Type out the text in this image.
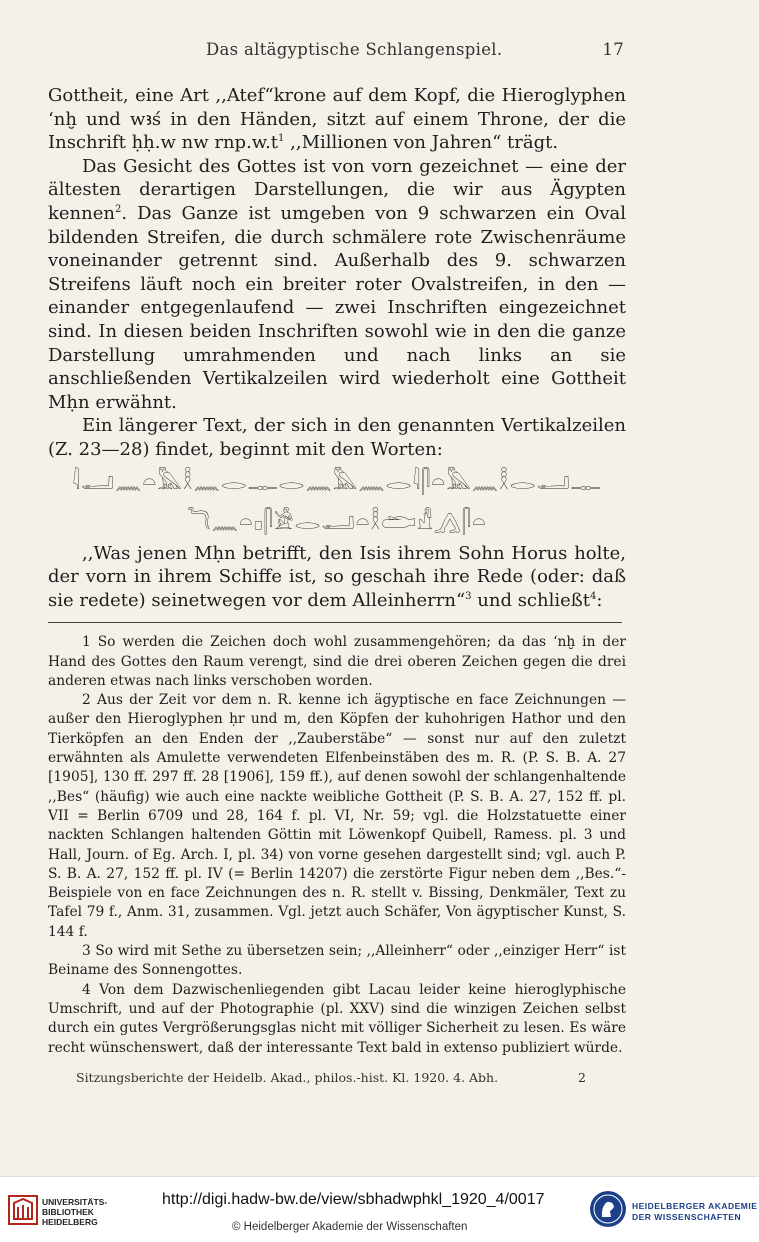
Das altägyptische Schlangenspiel.	17

Gottheit, eine Art ,,Atef“krone auf dem Kopf, die Hieroglyphen ‘nḫ und wꜣś in den Händen, sitzt auf einem Throne, der die Inschrift ḥḥ.w nw $rnp.w.t^1$ ,,Millionen von Jahren“ trägt.

Das Gesicht des Gottes ist von vorn gezeichnet — eine der ältesten derartigen Darstellungen, die wir aus Ägypten kennen$^2$. Das Ganze ist umgeben von 9 schwarzen ein Oval bildenden Streifen, die durch schmälere rote Zwischenräume voneinander getrennt sind. Außerhalb des 9. schwarzen Streifens läuft noch ein breiter roter Ovalstreifen, in den — einander entgegenlaufend — zwei Inschriften eingezeichnet sind. In diesen beiden Inschriften sowohl wie in den die ganze Darstellung umrahmenden und nach links an sie anschließenden Vertikalzeilen wird wiederholt eine Gottheit Mḥn erwähnt.

Ein längerer Text, der sich in den genannten Vertikalzeilen (Z. 23—28) findet, beginnt mit den Worten:

𓇋𓂝𓈖𓏏𓅓𓎛𓈖𓂋𓊃𓂋𓈖𓅓𓈖𓂋𓇋𓋴𓏏𓅓𓈖𓎛𓂋𓂝𓊃
𓆓𓈖𓏏𓊪𓋴𓀀𓂋𓂝𓏏𓎛𓂧𓀭𓂻𓋴𓏏

,,Was jenen Mḥn betrifft, den Isis ihrem Sohn Horus holte, der vorn in ihrem Schiffe ist, so geschah ihre Rede (oder: daß sie redete) seinetwegen vor dem Alleinherrn“$^3$ und schließt$^4$:

1 So werden die Zeichen doch wohl zusammengehören; da das ‘nḫ in der Hand des Gottes den Raum verengt, sind die drei oberen Zeichen gegen die drei anderen etwas nach links verschoben worden.

2 Aus der Zeit vor dem n. R. kenne ich ägyptische en face Zeichnungen — außer den Hieroglyphen ḥr und m, den Köpfen der kuhohrigen Hathor und den Tierköpfen an den Enden der ,,Zauberstäbe“ — sonst nur auf den zuletzt erwähnten als Amulette verwendeten Elfenbeinstäben des m. R. (P. S. B. A. 27 [1905], 130 ff. 297 ff. 28 [1906], 159 ff.), auf denen sowohl der schlangenhaltende ,,Bes“ (häufig) wie auch eine nackte weibliche Gottheit (P. S. B. A. 27, 152 ff. pl. VII = Berlin 6709 und 28, 164 f. pl. VI, Nr. 59; vgl. die Holzstatuette einer nackten Schlangen haltenden Göttin mit Löwenkopf Quibell, Ramess. pl. 3 und Hall, Journ. of Eg. Arch. I, pl. 34) von vorne gesehen dargestellt sind; vgl. auch P. S. B. A. 27, 152 ff. pl. IV (= Berlin 14207) die zerstörte Figur neben dem ,,Bes.“-Beispiele von en face Zeichnungen des n. R. stellt v. Bissing, Denkmäler, Text zu Tafel 79 f., Anm. 31, zusammen. Vgl. jetzt auch Schäfer, Von ägyptischer Kunst, S. 144 f.

3 So wird mit Sethe zu übersetzen sein; ,,Alleinherr“ oder ,,einziger Herr“ ist Beiname des Sonnengottes.

4 Von dem Dazwischenliegenden gibt Lacau leider keine hieroglyphische Umschrift, und auf der Photographie (pl. XXV) sind die winzigen Zeichen selbst durch ein gutes Vergrößerungsglas nicht mit völliger Sicherheit zu lesen. Es wäre recht wünschenswert, daß der interessante Text bald in extenso publiziert würde.

Sitzungsberichte der Heidelb. Akad., philos.-hist. Kl. 1920. 4. Abh.	2
UNIVERSITÄTS-
BIBLIOTHEK
HEIDELBERG
http://digi.hadw-bw.de/view/sbhadwphkl_1920_4/0017
© Heidelberger Akademie der Wissenschaften
HEIDELBERGER AKADEMIE
DER WISSENSCHAFTEN
